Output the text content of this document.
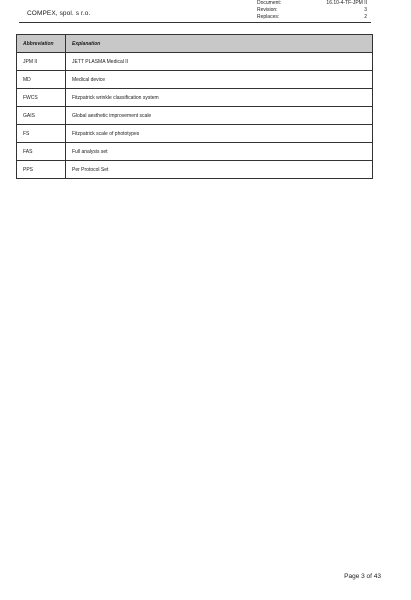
COMPEX, spol. s r.o.
Document:	16.10-4-TF-JPM II
Revision:	3
Replaces:	2
Abbreviation	Explanation
JPM II	JETT PLASMA Medical II
MD	Medical device
FWCS	Fitzpatrick wrinkle classification system
GAIS	Global aesthetic improvement scale
FS	Fitzpatrick scale of phototypes
FAS	Full analysis set
PPS	Per Protocol Set
Page 3 of 43
